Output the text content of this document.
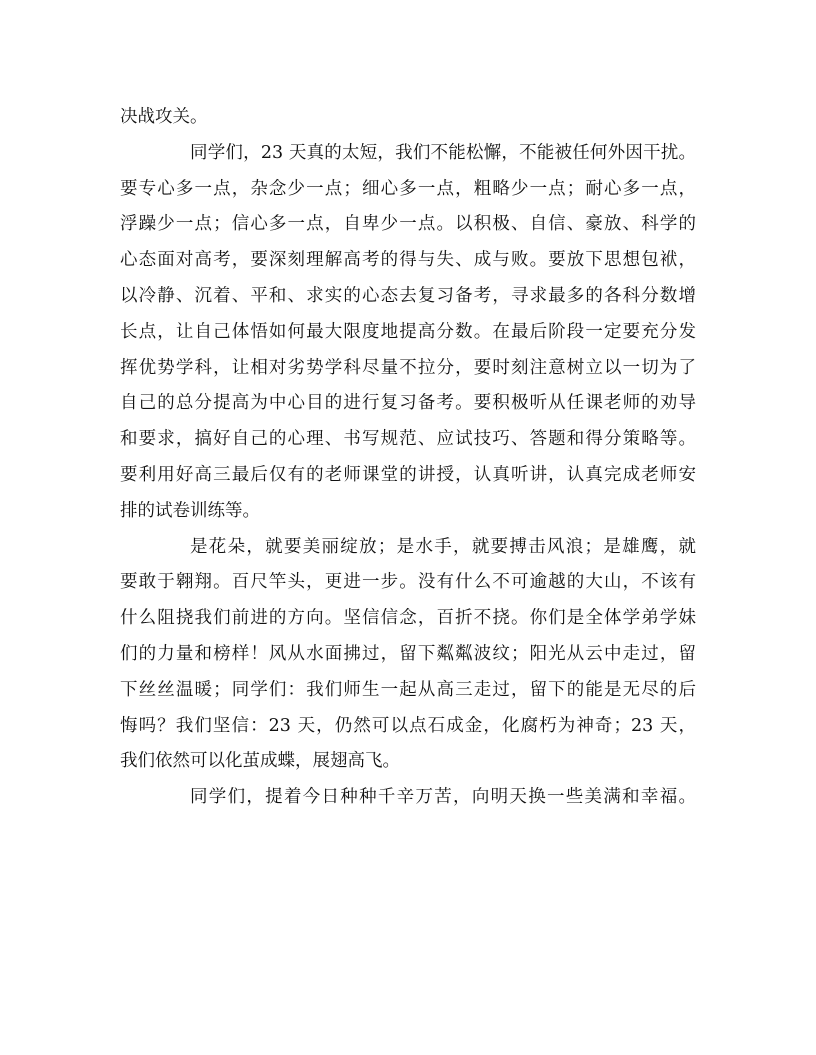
决战攻关。
同学们，23 天真的太短，我们不能松懈，不能被任何外因干扰。
要专心多一点，杂念少一点；细心多一点，粗略少一点；耐心多一点，
浮躁少一点；信心多一点，自卑少一点。以积极、自信、豪放、科学的
心态面对高考，要深刻理解高考的得与失、成与败。要放下思想包袱，
以冷静、沉着、平和、求实的心态去复习备考，寻求最多的各科分数增
长点，让自己体悟如何最大限度地提高分数。在最后阶段一定要充分发
挥优势学科，让相对劣势学科尽量不拉分，要时刻注意树立以一切为了
自己的总分提高为中心目的进行复习备考。要积极听从任课老师的劝导
和要求，搞好自己的心理、书写规范、应试技巧、答题和得分策略等。
要利用好高三最后仅有的老师课堂的讲授，认真听讲，认真完成老师安
排的试卷训练等。
是花朵，就要美丽绽放；是水手，就要搏击风浪；是雄鹰，就
要敢于翱翔。百尺竿头，更进一步。没有什么不可逾越的大山，不该有
什么阻挠我们前进的方向。坚信信念，百折不挠。你们是全体学弟学妹
们的力量和榜样！风从水面拂过，留下粼粼波纹；阳光从云中走过，留
下丝丝温暖；同学们：我们师生一起从高三走过，留下的能是无尽的后
悔吗？我们坚信：23 天，仍然可以点石成金，化腐朽为神奇；23 天，
我们依然可以化茧成蝶，展翅高飞。
同学们，提着今日种种千辛万苦，向明天换一些美满和幸福。
